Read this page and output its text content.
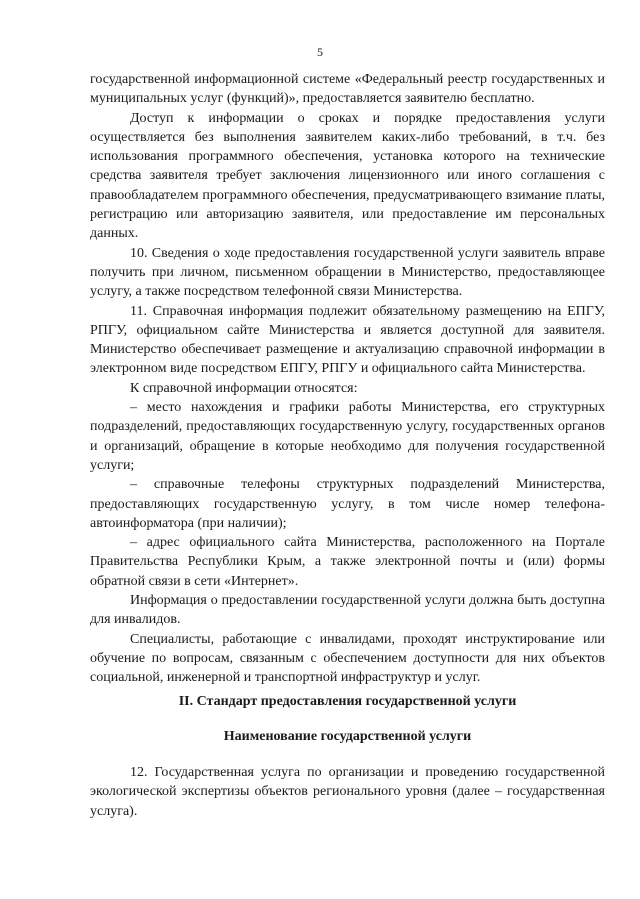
5

государственной информационной системе «Федеральный реестр государственных и муниципальных услуг (функций)», предоставляется заявителю бесплатно.

Доступ к информации о сроках и порядке предоставления услуги осуществляется без выполнения заявителем каких-либо требований, в т.ч. без использования программного обеспечения, установка которого на технические средства заявителя требует заключения лицензионного или иного соглашения с правообладателем программного обеспечения, предусматривающего взимание платы, регистрацию или авторизацию заявителя, или предоставление им персональных данных.

10. Сведения о ходе предоставления государственной услуги заявитель вправе получить при личном, письменном обращении в Министерство, предоставляющее услугу, а также посредством телефонной связи Министерства.

11. Справочная информация подлежит обязательному размещению на ЕПГУ, РПГУ, официальном сайте Министерства и является доступной для заявителя. Министерство обеспечивает размещение и актуализацию справочной информации в электронном виде посредством ЕПГУ, РПГУ и официального сайта Министерства.

К справочной информации относятся:

– место нахождения и графики работы Министерства, его структурных подразделений, предоставляющих государственную услугу, государственных органов и организаций, обращение в которые необходимо для получения государственной услуги;

– справочные телефоны структурных подразделений Министерства, предоставляющих государственную услугу, в том числе номер телефона-автоинформатора (при наличии);

– адрес официального сайта Министерства, расположенного на Портале Правительства Республики Крым, а также электронной почты и (или) формы обратной связи в сети «Интернет».

Информация о предоставлении государственной услуги должна быть доступна для инвалидов.

Специалисты, работающие с инвалидами, проходят инструктирование или обучение по вопросам, связанным с обеспечением доступности для них объектов социальной, инженерной и транспортной инфраструктур и услуг.

II. Стандарт предоставления государственной услуги
Наименование государственной услуги

12. Государственная услуга по организации и проведению государственной экологической экспертизы объектов регионального уровня (далее – государственная услуга).
